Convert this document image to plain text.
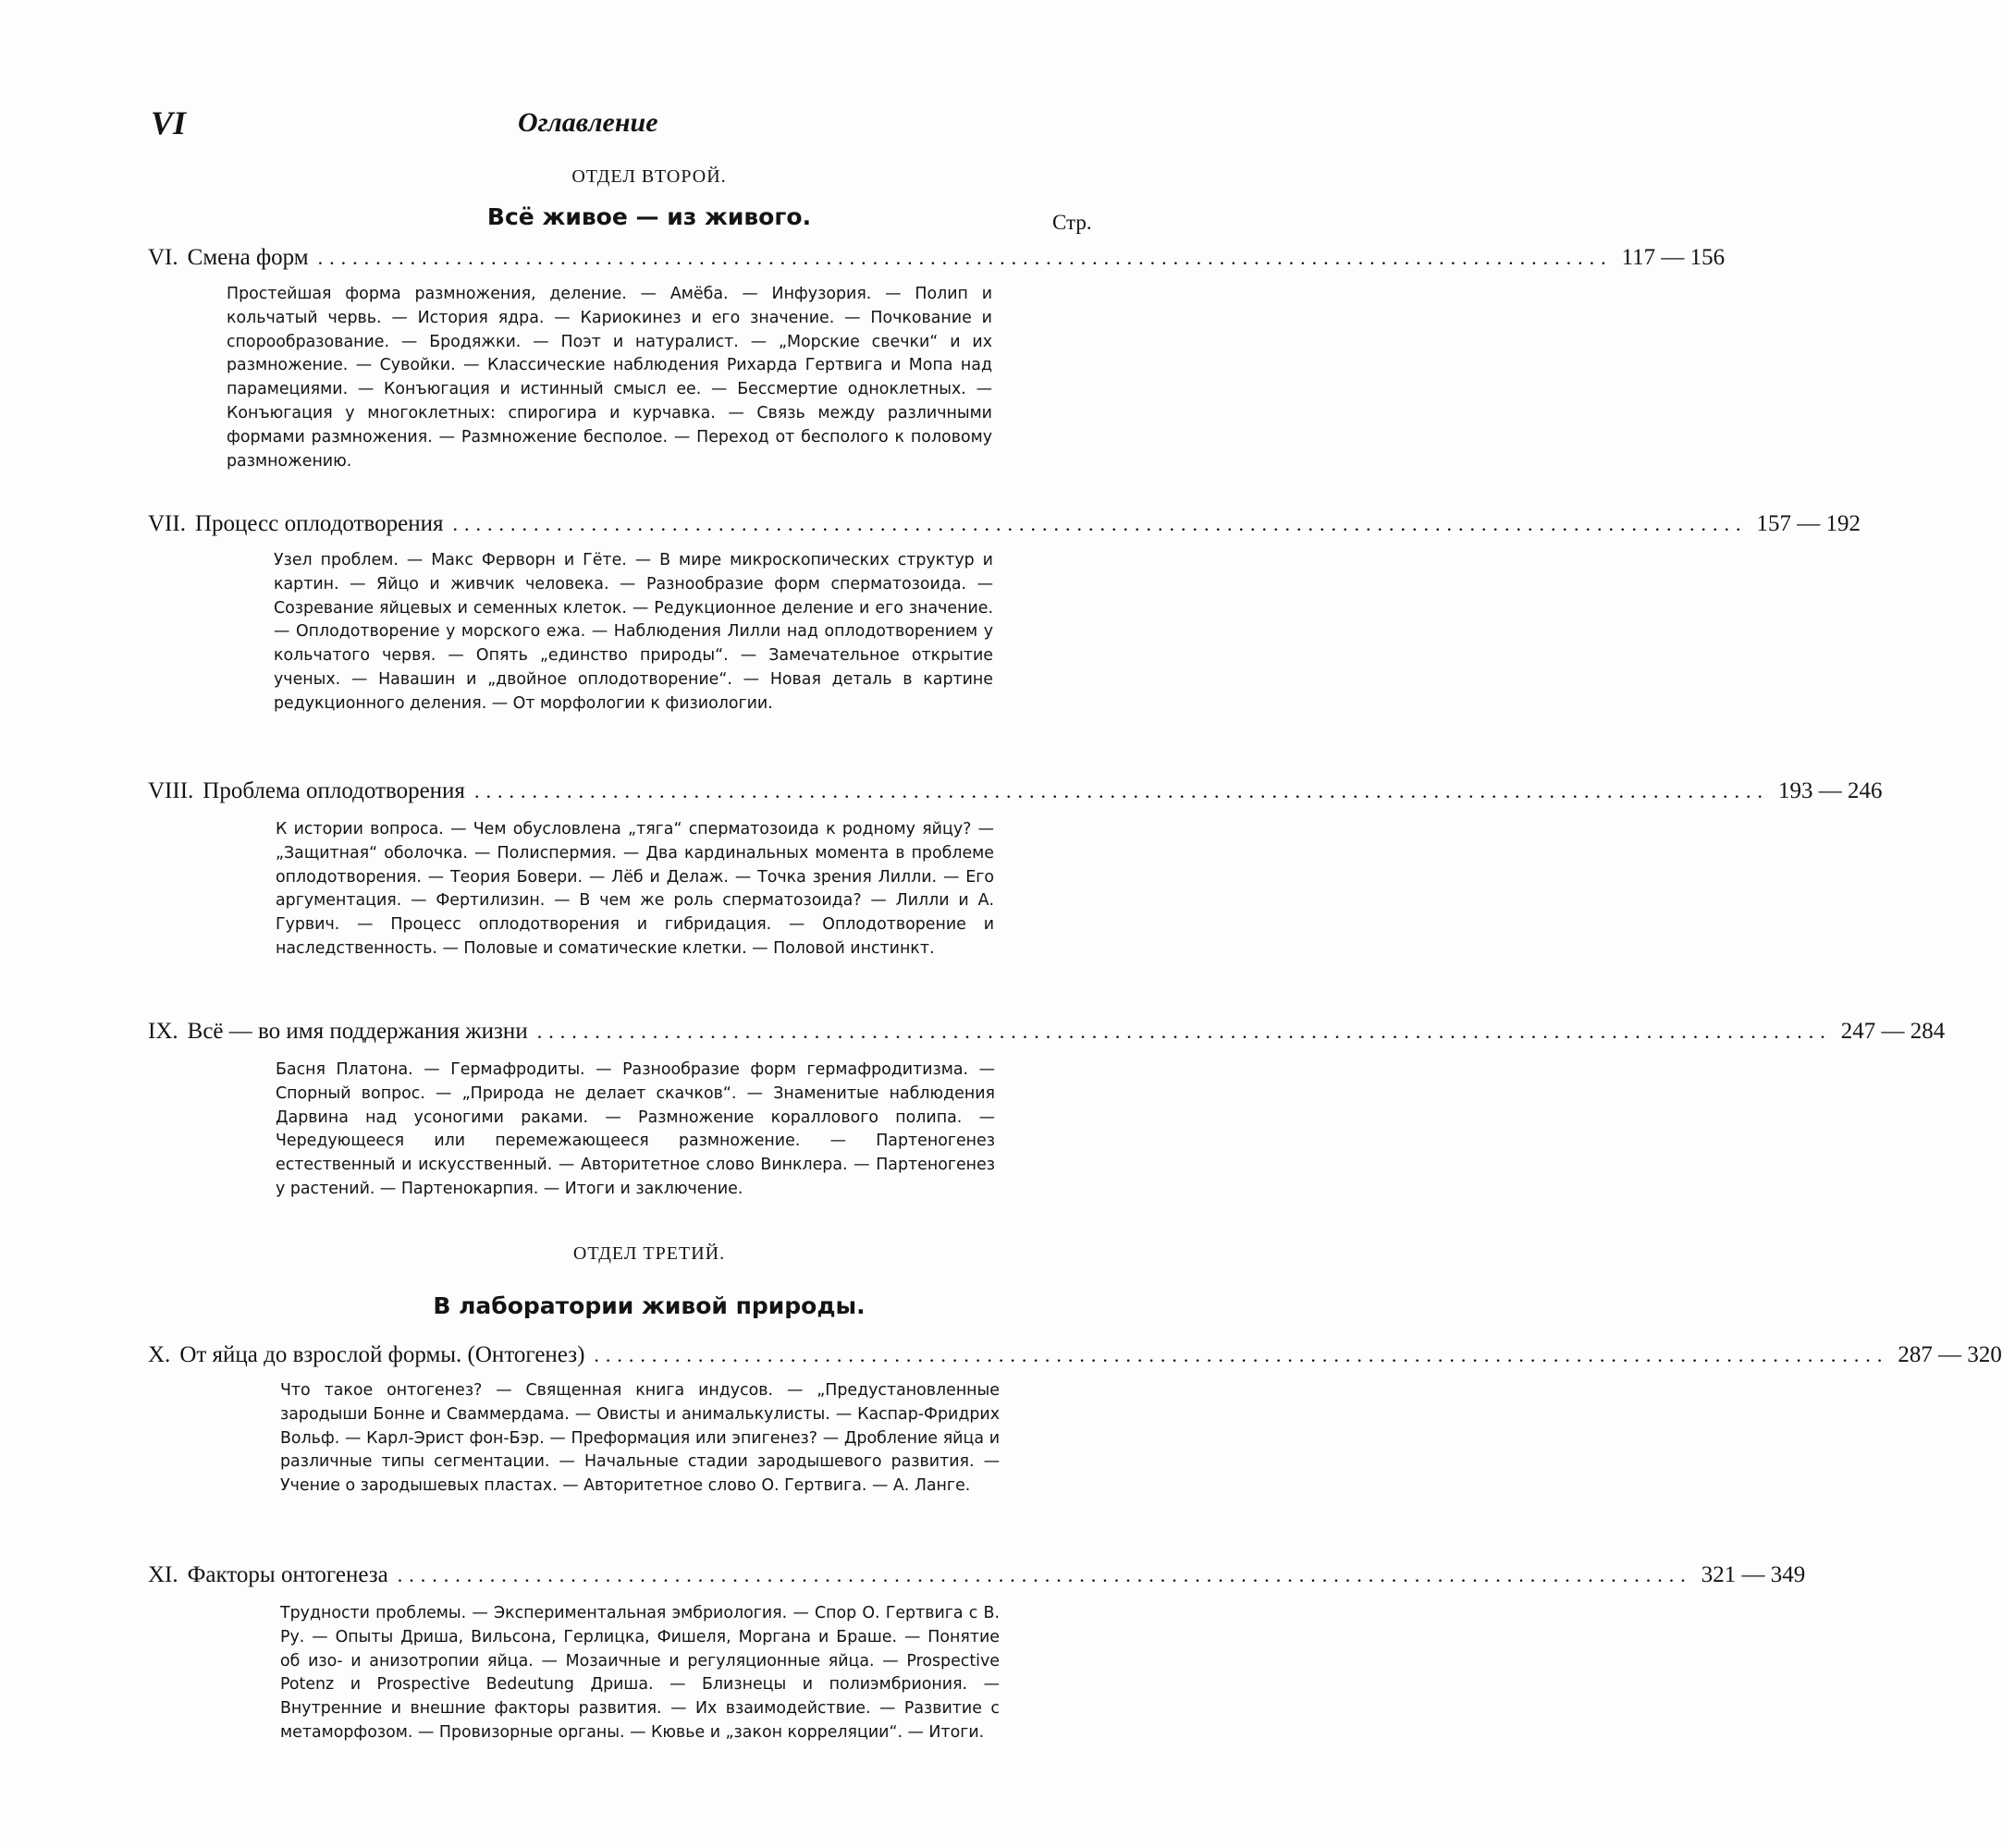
VI	Оглавление
ОТДЕЛ ВТОРОЙ.
Всё живое — из живого.	Стр.
VI. Смена форм ................................................................................................................ 117 — 156
Простейшая форма размножения, деление. — Амёба. — Инфузория. — Полип и кольчатый червь. — История ядра. — Кариокинез и его значение. — Почкование и спорообразование. — Бродяжки. — Поэт и натуралист. — „Морские свечки“ и их размножение. — Сувойки. — Классические наблюдения Рихарда Гертвига и Мопа над парамециями. — Конъюгация и истинный смысл ее. — Бессмертие одноклетных. — Конъюгация у многоклетных: спирогира и курчавка. — Связь между различными формами размножения. — Размножение бесполое. — Переход от бесполого к половому размножению.
VII. Процесс оплодотворения ................................................................................................................ 157 — 192
Узел проблем. — Макс Ферворн и Гёте. — В мире микроскопических структур и картин. — Яйцо и живчик человека. — Разнообразие форм сперматозоида. — Созревание яйцевых и семенных клеток. — Редукционное деление и его значение. — Оплодотворение у морского ежа. — Наблюдения Лилли над оплодотворением у кольчатого червя. — Опять „единство природы“. — Замечательное открытие ученых. — Навашин и „двойное оплодотворение“. — Новая деталь в картине редукционного деления. — От морфологии к физиологии.
VIII. Проблема оплодотворения ................................................................................................................ 193 — 246
К истории вопроса. — Чем обусловлена „тяга“ сперматозоида к родному яйцу? — „Защитная“ оболочка. — Полиспермия. — Два кардинальных момента в проблеме оплодотворения. — Теория Бовери. — Лёб и Делаж. — Точка зрения Лилли. — Его аргументация. — Фертилизин. — В чем же роль сперматозоида? — Лилли и А. Гурвич. — Процесс оплодотворения и гибридация. — Оплодотворение и наследственность. — Половые и соматические клетки. — Половой инстинкт.
IX. Всё — во имя поддержания жизни ................................................................................................................ 247 — 284
Басня Платона. — Гермафродиты. — Разнообразие форм гермафродитизма. — Спорный вопрос. — „Природа не делает скачков“. — Знаменитые наблюдения Дарвина над усоногими раками. — Размножение кораллового полипа. — Чередующееся или перемежающееся размножение. — Партеногенез естественный и искусственный. — Авторитетное слово Винклера. — Партеногенез у растений. — Партенокарпия. — Итоги и заключение.
ОТДЕЛ ТРЕТИЙ.
В лаборатории живой природы.
X. От яйца до взрослой формы. (Онтогенез) ................................................................................................................ 287 — 320
Что такое онтогенез? — Священная книга индусов. — „Предустановленные зародыши Бонне и Сваммердама. — Овисты и анималькулисты. — Каспар-Фридрих Вольф. — Карл-Эрист фон-Бэр. — Преформация или эпигенез? — Дробление яйца и различные типы сегментации. — Начальные стадии зародышевого развития. — Учение о зародышевых пластах. — Авторитетное слово О. Гертвига. — А. Ланге.
XI. Факторы онтогенеза ................................................................................................................ 321 — 349
Трудности проблемы. — Экспериментальная эмбриология. — Спор О. Гертвига с В. Ру. — Опыты Дриша, Вильсона, Герлицка, Фишеля, Моргана и Браше. — Понятие об изо- и анизотропии яйца. — Мозаичные и регуляционные яйца. — Prospective Potenz и Prospective Bedeutung Дриша. — Близнецы и полиэмбриония. — Внутренние и внешние факторы развития. — Их взаимодействие. — Развитие с метаморфозом. — Провизорные органы. — Кювье и „закон корреляции“. — Итоги.
